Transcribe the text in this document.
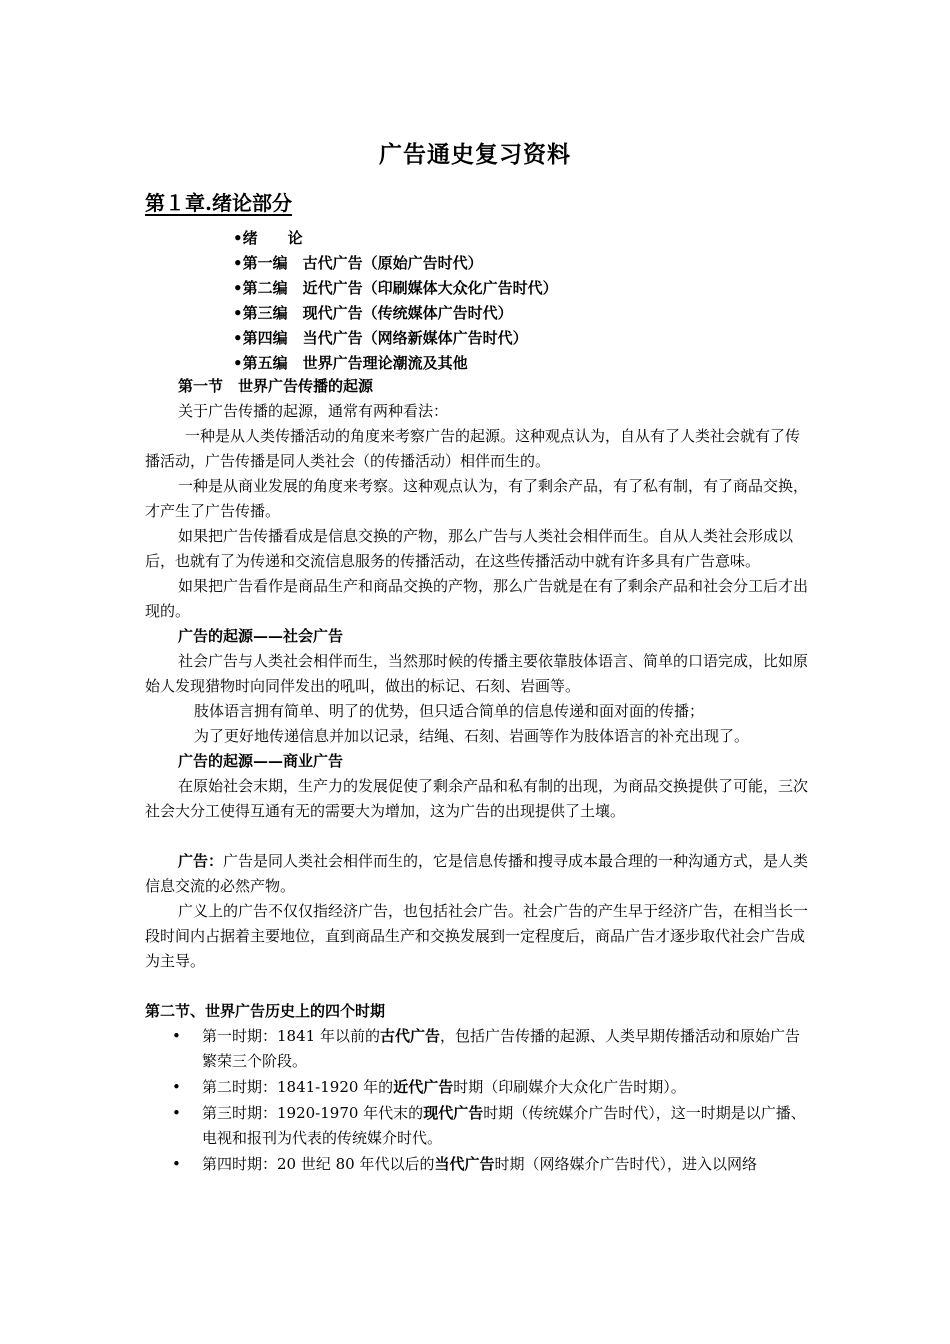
广告通史复习资料
第１章.绪论部分
•绪　　论
•第一编　古代广告（原始广告时代）
•第二编　近代广告（印刷媒体大众化广告时代）
•第三编　现代广告（传统媒体广告时代）
•第四编　当代广告（网络新媒体广告时代）
•第五编　世界广告理论潮流及其他

第一节　世界广告传播的起源

关于广告传播的起源，通常有两种看法：

一种是从人类传播活动的角度来考察广告的起源。这种观点认为，自从有了人类社会就有了传播活动，广告传播是同人类社会（的传播活动）相伴而生的。

一种是从商业发展的角度来考察。这种观点认为，有了剩余产品，有了私有制，有了商品交换，才产生了广告传播。

如果把广告传播看成是信息交换的产物，那么广告与人类社会相伴而生。自从人类社会形成以后，也就有了为传递和交流信息服务的传播活动，在这些传播活动中就有许多具有广告意味。

如果把广告看作是商品生产和商品交换的产物，那么广告就是在有了剩余产品和社会分工后才出现的。

广告的起源——社会广告

社会广告与人类社会相伴而生，当然那时候的传播主要依靠肢体语言、简单的口语完成，比如原始人发现猎物时向同伴发出的吼叫，做出的标记、石刻、岩画等。

肢体语言拥有简单、明了的优势，但只适合简单的信息传递和面对面的传播；

为了更好地传递信息并加以记录，结绳、石刻、岩画等作为肢体语言的补充出现了。

广告的起源——商业广告

在原始社会末期，生产力的发展促使了剩余产品和私有制的出现，为商品交换提供了可能，三次社会大分工使得互通有无的需要大为增加，这为广告的出现提供了土壤。

广告：广告是同人类社会相伴而生的，它是信息传播和搜寻成本最合理的一种沟通方式，是人类信息交流的必然产物。

广义上的广告不仅仅指经济广告，也包括社会广告。社会广告的产生早于经济广告，在相当长一段时间内占据着主要地位，直到商品生产和交换发展到一定程度后，商品广告才逐步取代社会广告成为主导。

第二节、世界广告历史上的四个时期

• 第一时期：1841 年以前的古代广告，包括广告传播的起源、人类早期传播活动和原始广告繁荣三个阶段。
• 第二时期：1841-1920 年的近代广告时期（印刷媒介大众化广告时期）。
• 第三时期：1920-1970 年代末的现代广告时期（传统媒介广告时代），这一时期是以广播、电视和报刊为代表的传统媒介时代。
• 第四时期：20 世纪 80 年代以后的当代广告时期（网络媒介广告时代），进入以网络
